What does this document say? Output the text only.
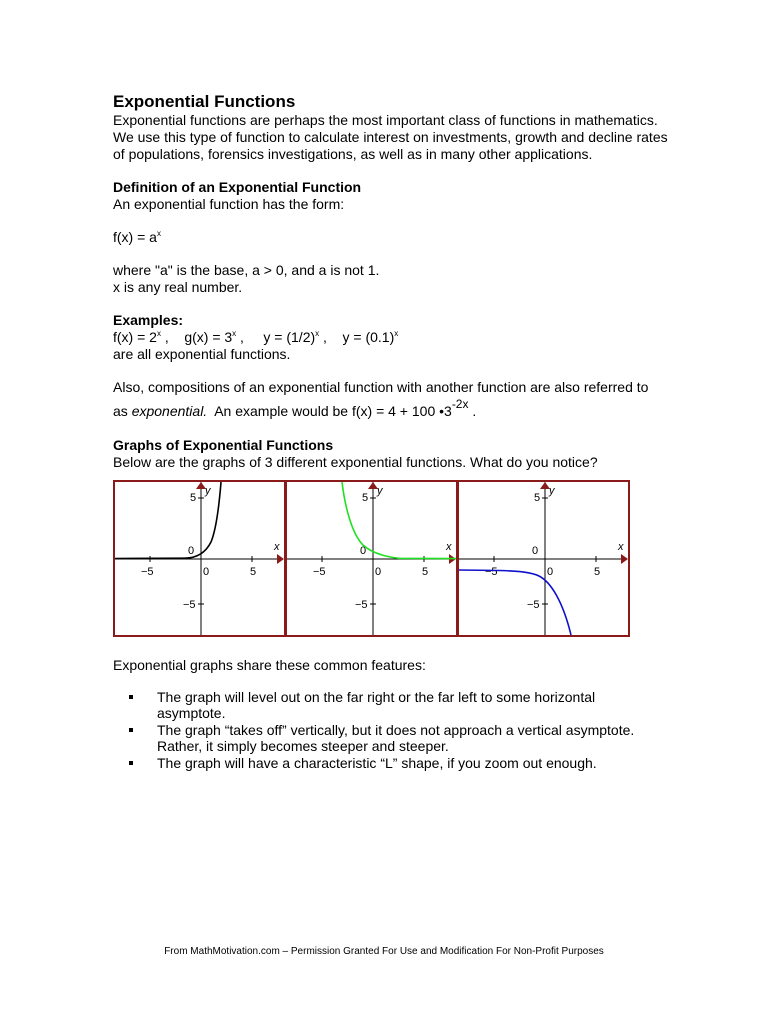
Exponential Functions

Exponential functions are perhaps the most important class of functions in mathematics. We use this type of function to calculate interest on investments, growth and decline rates of populations, forensics investigations, as well as in many other applications.

Definition of an Exponential Function

An exponential function has the form:

$f(x) = a^x$

where "a" is the base, a > 0, and a is not 1.

x is any real number.

Examples:

$f(x) = 2^x$ ,    $g(x) = 3^x$ ,     $y = (1/2)^x$ ,    $y = (0.1)^x$

are all exponential functions.

Also, compositions of an exponential function with another function are also referred to

as exponential.  An example would be f(x) = 4 + 100 •3-2x .

Graphs of Exponential Functions

Below are the graphs of 3 different exponential functions. What do you notice?

−5	0	5
5
0
−5
x
y
−5	0	5
5
0
−5
x
y
−5	0	5
5
0
−5
x
y

Exponential graphs share these common features:

The graph will level out on the far right or the far left to some horizontal asymptote.
The graph “takes off” vertically, but it does not approach a vertical asymptote. Rather, it simply becomes steeper and steeper.
The graph will have a characteristic “L” shape, if you zoom out enough.
From MathMotivation.com – Permission Granted For Use and Modification For Non-Profit Purposes
